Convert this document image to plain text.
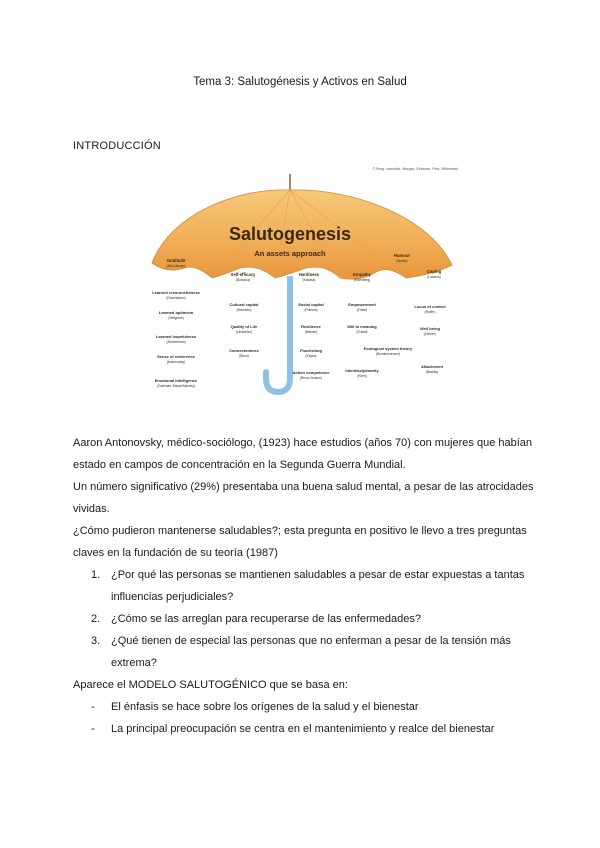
Tema 3: Salutogénesis y Activos en Salud
INTRODUCCIÓN
© Berg, Ioannidis, Morgan, Eriksson, Pelo, Mittelmark
Salutogenesis
An assets approach
Gratitude
(McCullough)
Self-efficacy
(Bandura)
Hardiness
(Kobasa)
Empathy
(Eisenberg)
Humour
(Martin)
Coping
(Lazarus)
Learned resourcefulness
(Rosenbaum)
Learned optimism
(Seligman)
Learned hopefulness
(Zimmerman)
Sense of coherence
(Antonovsky)
Emotional intelligence
(Goleman, Mayer/Salovey)
Cultural capital
(Bourdieu)
Quality of Life
(Lindström)
Connectedness
(Blum)
Social capital
(Putnam)
Resilience
(Werner)
Flourishing
(Keyes)
Action competence
(Bruun Jensen)
Empowerment
(Freire)
Will to meaning
(Frankl)
Ecological system theory
(Bronfenbrenner)
Interdisciplinarity
(Klein)
Locus of control
(Rotter)
Well being
(Diener)
Attachment
(Bowlby)

Aaron Antonovsky, médico-sociólogo, (1923) hace estudios (años 70) con mujeres que habían estado en campos de concentración en la Segunda Guerra Mundial.

Un número significativo (29%) presentaba una buena salud mental, a pesar de las atrocidades vividas.

¿Cómo pudieron mantenerse saludables?; esta pregunta en positivo le llevo a tres preguntas claves en la fundación de su teoría (1987)

1. ¿Por qué las personas se mantienen saludables a pesar de estar expuestas a tantas influencias perjudiciales?
2. ¿Cómo se las arreglan para recuperarse de las enfermedades?
3. ¿Qué tienen de especial las personas que no enferman a pesar de la tensión más extrema?

Aparece el MODELO SALUTOGÉNICO que se basa en:

- El énfasis se hace sobre los orígenes de la salud y el bienestar
- La principal preocupación se centra en el mantenimiento y realce del bienestar
